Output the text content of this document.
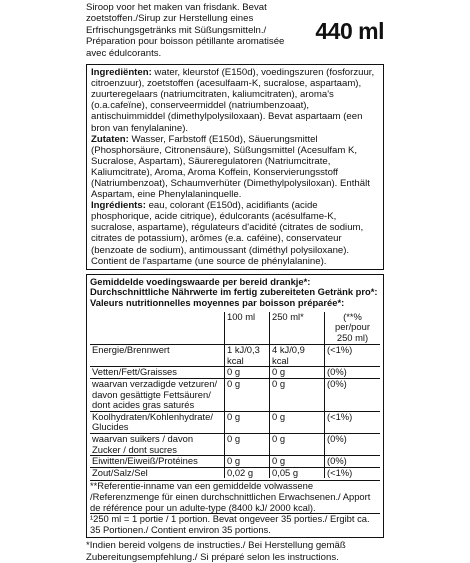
Siroop voor het maken van frisdank. Bevat zoetstoffen./Sirup zur Herstellung eines Erfrischungsgetränks mit Süßungsmitteln./ Préparation pour boisson pétillante aromatisée avec édulcorants.

440 ml

Ingrediënten: water, kleurstof (E150d), voedingszuren (fosforzuur, citroenzuur), zoetstoffen (acesulfaam-K, sucralose, aspartaam), zuurteregelaars (natriumcitraten, kaliumcitraten), aroma's (o.a.cafeïne), conserveermiddel (natriumbenzoaat), antischuimmiddel (dimethylpolysiloxaan). Bevat aspartaam (een bron van fenylalanine).

Zutaten: Wasser, Farbstoff (E150d), Säuerungsmittel (Phosphorsäure, Citronensäure), Süßungsmittel (Acesulfam K, Sucralose, Aspartam), Säureregulatoren (Natriumcitrate, Kaliumcitrate), Aroma, Aroma Koffein, Konservierungsstoff (Natriumbenzoat), Schaumverhüter (Dimethylpolysiloxan). Enthält Aspartam, eine Phenylalaninquelle.

Ingrédients: eau, colorant (E150d), acidifiants (acide phosphorique, acide citrique), édulcorants (acésulfame-K, sucralose, aspartame), régulateurs d'acidité (citrates de sodium, citrates de potassium), arômes (e.a. caféine), conservateur (benzoate de sodium), antimoussant (diméthyl polysiloxane). Contient de l'aspartame (une source de phénylalanine).

Gemiddelde voedingswaarde per bereid drankje*:
Durchschnittliche Nährwerte im fertig zubereiteten Getränk pro*:
Valeurs nutritionnelles moyennes par boisson préparée*:
	100 ml	250 ml*	(**% per/pour 250 ml)
Energie/Brennwert	1 kJ/0,3 kcal	4 kJ/0,9 kcal	(<1%)
Vetten/Fett/Graisses	0 g	0 g	(0%)
waarvan verzadigde vetzuren/ davon gesättigte Fettsäuren/ dont acides gras saturés	0 g	0 g	(0%)
Koolhydraten/Kohlenhydrate/ Glucides	0 g	0 g	(<1%)
waarvan suikers / davon Zucker / dont sucres	0 g	0 g	(0%)
Eiwitten/Eiweiß/Protéines	0 g	0 g	(0%)
Zout/Salz/Sel	0,02 g	0,05 g	(<1%)
**Referentie-inname van een gemiddelde volwassene /Referenzmenge für einen durchschnittlichen Erwachsenen./ Apport de référence pour un adulte-type (8400 kJ/ 2000 kcal).
¹250 ml = 1 portie / 1 portion. Bevat ongeveer 35 porties./ Ergibt ca. 35 Portionen./ Contient environ 35 portions.
*Indien bereid volgens de instructies./ Bei Herstellung gemäß Zubereitungsempfehlung./ Si préparé selon les instructions.
